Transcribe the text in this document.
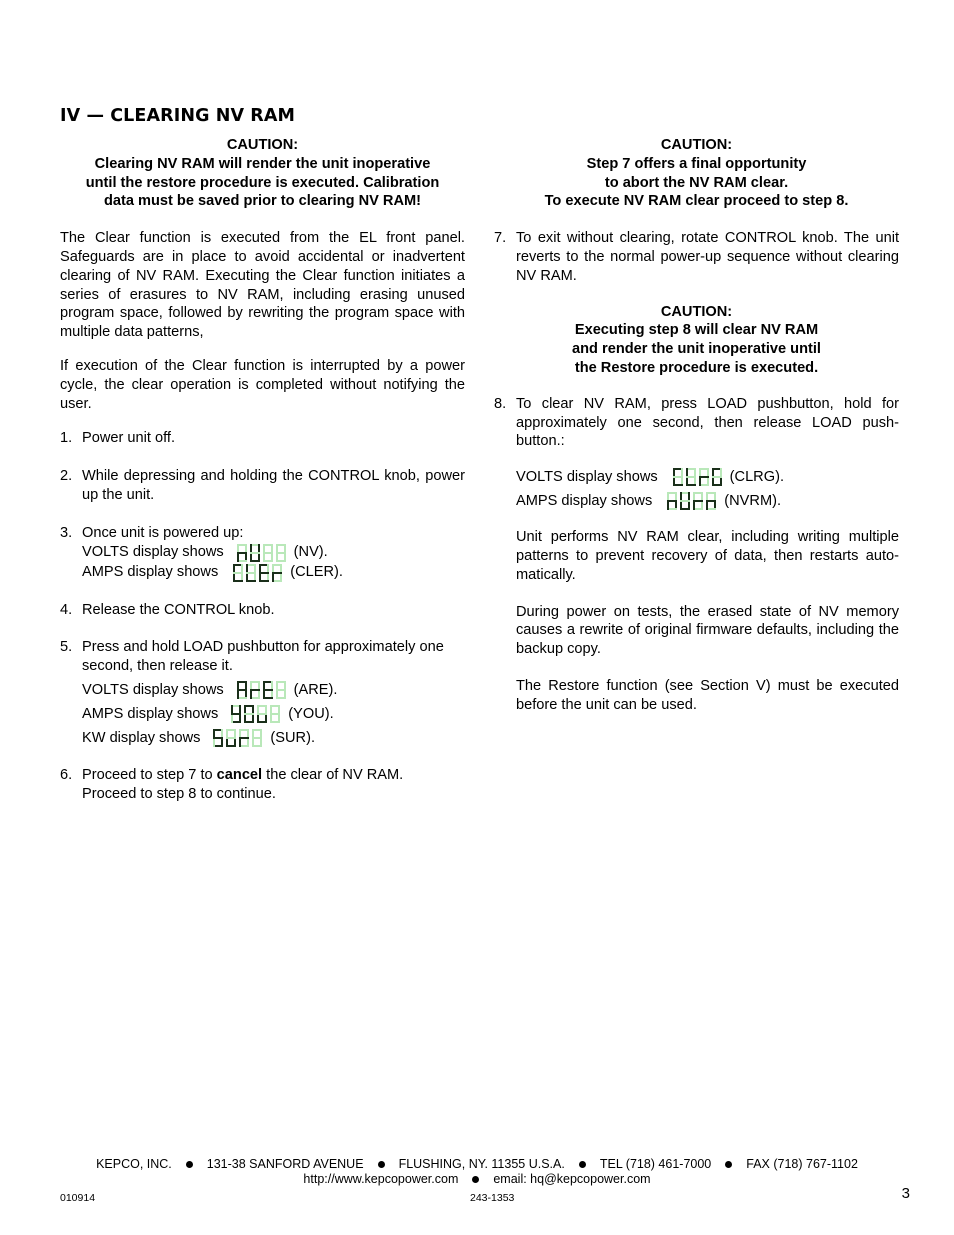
IV — CLEARING NV RAM
CAUTION:
Clearing NV RAM will render the unit inoperative
until the restore procedure is executed. Calibration
data must be saved prior to clearing NV RAM!

The Clear function is executed from the EL front panel. Safeguards are in place to avoid accidental or inadvertent clearing of NV RAM. Executing the Clear function initiates a series of erasures to NV RAM, including erasing unused program space, followed by rewriting the program space with multiple data patterns,

If execution of the Clear function is interrupted by a power cycle, the clear operation is completed without notifying the user.

1. Power unit off.
2. While depressing and holding the CONTROL knob, power up the unit.
3. Once unit is powered up:
VOLTS display shows	(NV).
AMPS display shows	(CLER).
4. Release the CONTROL knob.
5. Press and hold LOAD pushbutton for approximately one second, then release it.
VOLTS display shows	(ARE).
AMPS display shows	(YOU).
KW display shows	(SUR).
6. Proceed to step 7 to cancel the clear of NV RAM.
Proceed to step 8 to continue.
CAUTION:
Step 7 offers a final opportunity
to abort the NV RAM clear.
To execute NV RAM clear proceed to step 8.
7. To exit without clearing, rotate CONTROL knob. The unit reverts to the normal power-up sequence without clearing NV RAM.
CAUTION:
Executing step 8 will clear NV RAM
and render the unit inoperative until
the Restore procedure is executed.
8. To clear NV RAM, press LOAD pushbutton, hold for approximately one second, then release LOAD push-button.:
VOLTS display shows	(CLRG).
AMPS display shows	(NVRM).

Unit performs NV RAM clear, including writing multiple patterns to prevent recovery of data, then restarts auto-matically.

During power on tests, the erased state of NV memory causes a rewrite of original firmware defaults, including the backup copy.

The Restore function (see Section V) must be executed before the unit can be used.

KEPCO, INC.	131-38 SANFORD AVENUE	FLUSHING, NY. 11355 U.S.A.	TEL (718) 461-7000	FAX (718) 767-1102
http://www.kepcopower.com	email: hq@kepcopower.com
010914	243-1353	3
